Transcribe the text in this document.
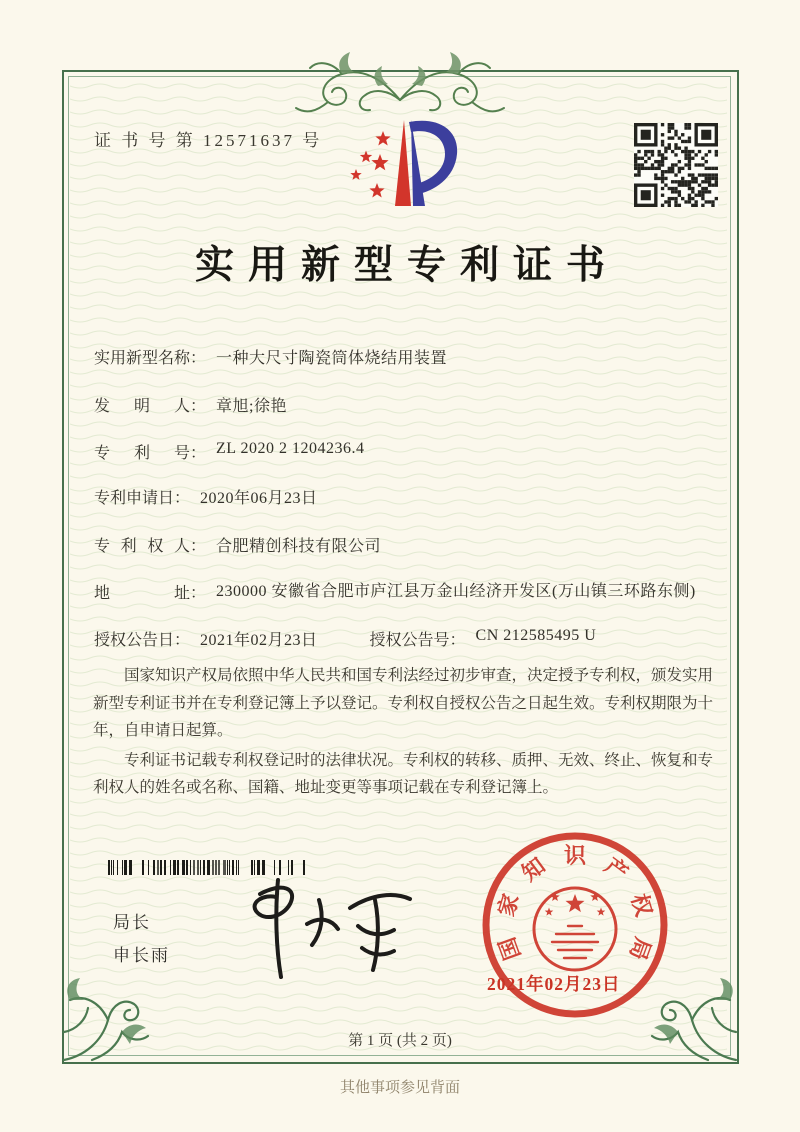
证 书 号 第 12571637 号
实用新型专利证书
实用新型名称： 一种大尺寸陶瓷筒体烧结用装置
发  明  人： 章旭;徐艳
专  利  号： ZL 2020 2 1204236.4
专利申请日： 2020年06月23日
专  利  权  人： 合肥精创科技有限公司
地    址： 230000 安徽省合肥市庐江县万金山经济开发区(万山镇三环路东侧)
授权公告日： 2021年02月23日	授权公告号： CN 212585495 U

国家知识产权局依照中华人民共和国专利法经过初步审查，决定授予专利权，颁发实用新型专利证书并在专利登记簿上予以登记。专利权自授权公告之日起生效。专利权期限为十年，自申请日起算。

专利证书记载专利权登记时的法律状况。专利权的转移、质押、无效、终止、恢复和专利权人的姓名或名称、国籍、地址变更等事项记载在专利登记簿上。

局长
申长雨	国
家
知 识 产
权
局
2021年02月23日
第 1 页 (共 2 页)
其他事项参见背面
